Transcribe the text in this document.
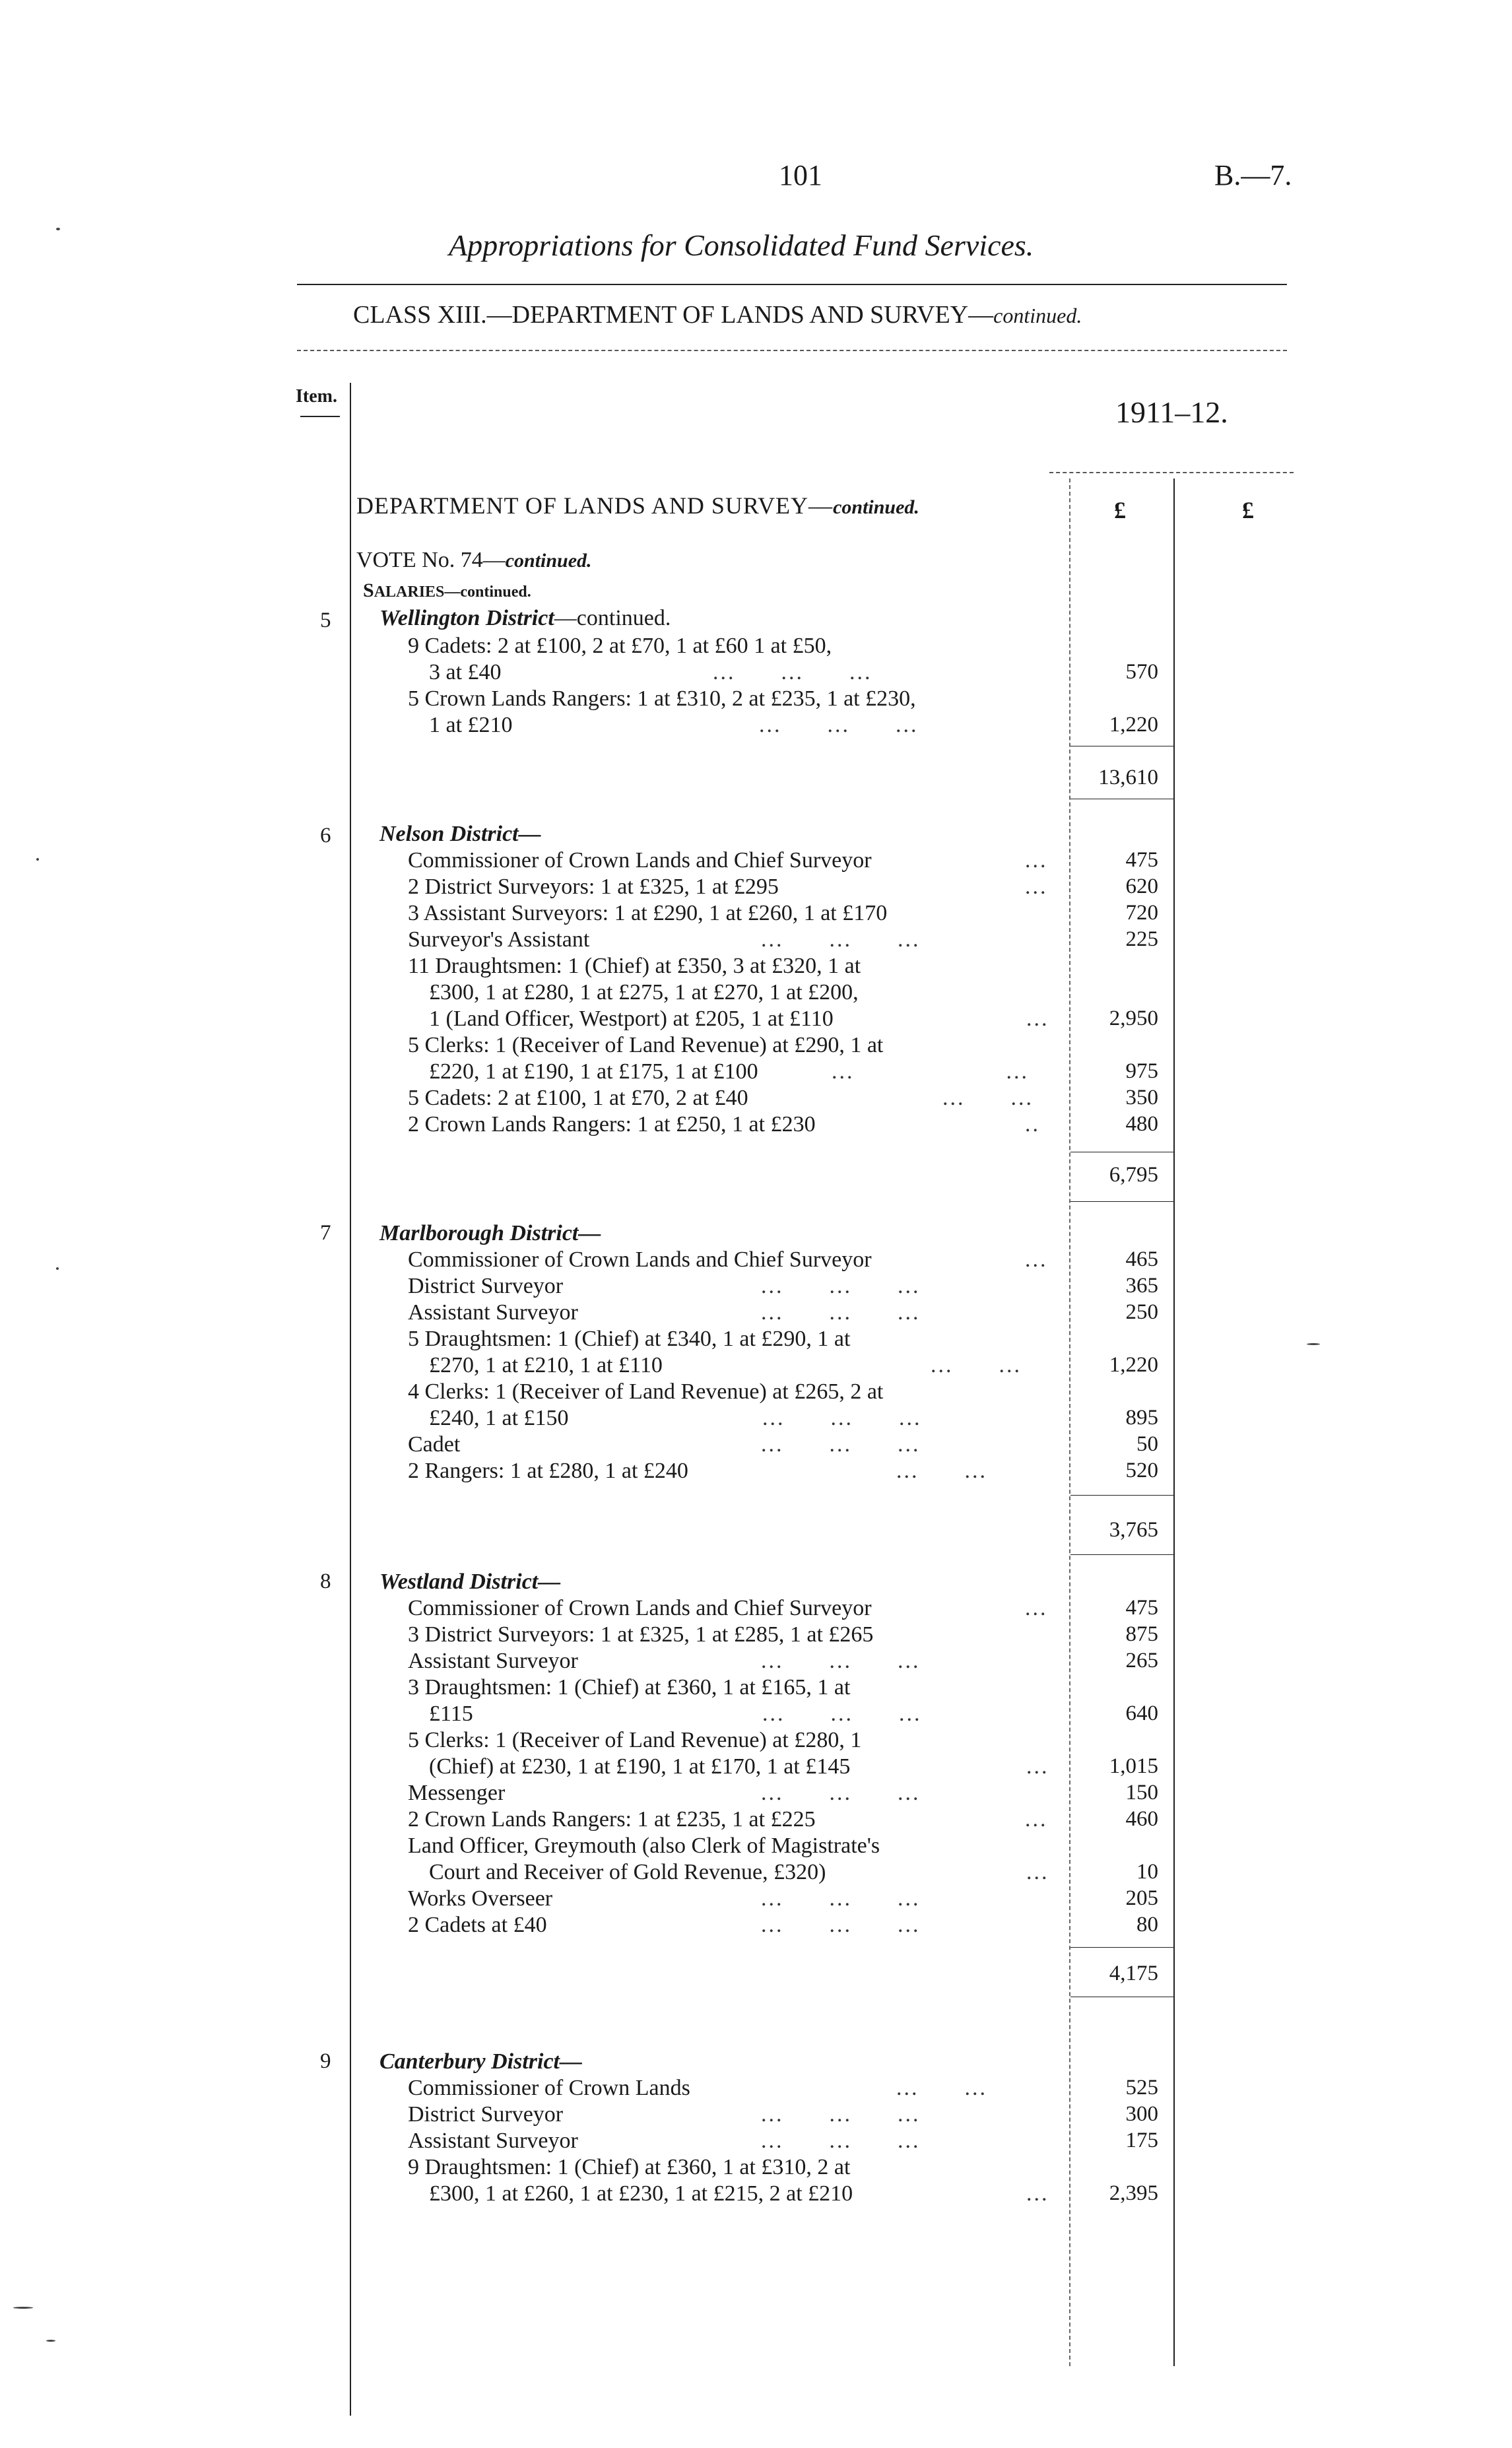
101	B.—7.
Appropriations for Consolidated Fund Services.
CLASS XIII.—DEPARTMENT OF LANDS AND SURVEY—continued.
Item.	1911–12.
DEPARTMENT OF LANDS AND SURVEY—continued.	£	£
VOTE No. 74—continued.
SALARIES—continued.
5 Wellington District—continued.
9 Cadets: 2 at £100, 2 at £70, 1 at £60 1 at £50,
3 at £40	...      ...      ...	570
5 Crown Lands Rangers: 1 at £310, 2 at £235, 1 at £230,
1 at £210	...      ...      ...	1,220
13,610
6 Nelson District—
Commissioner of Crown Lands and Chief Surveyor	...	475
2 District Surveyors: 1 at £325, 1 at £295	...	620
3 Assistant Surveyors: 1 at £290, 1 at £260, 1 at £170	720
Surveyor's Assistant	...      ...      ...	225
11 Draughtsmen: 1 (Chief) at £350, 3 at £320, 1 at
£300, 1 at £280, 1 at £275, 1 at £270, 1 at £200,
1 (Land Officer, Westport) at £205, 1 at £110	...	2,950
5 Clerks: 1 (Receiver of Land Revenue) at £290, 1 at
£220, 1 at £190, 1 at £175, 1 at £100	...                    ...	975
5 Cadets: 2 at £100, 1 at £70, 2 at £40	...      ...	350
2 Crown Lands Rangers: 1 at £250, 1 at £230	..	480
6,795
7 Marlborough District—
Commissioner of Crown Lands and Chief Surveyor	...	465
District Surveyor	...      ...      ...	365
Assistant Surveyor	...      ...      ...	250
5 Draughtsmen: 1 (Chief) at £340, 1 at £290, 1 at
£270, 1 at £210, 1 at £110	...      ...	1,220
4 Clerks: 1 (Receiver of Land Revenue) at £265, 2 at
£240, 1 at £150	...      ...      ...	895
Cadet	...      ...      ...	50
2 Rangers: 1 at £280, 1 at £240	...      ...	520
3,765
8 Westland District—
Commissioner of Crown Lands and Chief Surveyor	...	475
3 District Surveyors: 1 at £325, 1 at £285, 1 at £265	875
Assistant Surveyor	...      ...      ...	265
3 Draughtsmen: 1 (Chief) at £360, 1 at £165, 1 at
£115	...      ...      ...	640
5 Clerks: 1 (Receiver of Land Revenue) at £280, 1
(Chief) at £230, 1 at £190, 1 at £170, 1 at £145	...	1,015
Messenger	...      ...      ...	150
2 Crown Lands Rangers: 1 at £235, 1 at £225	...	460
Land Officer, Greymouth (also Clerk of Magistrate's
Court and Receiver of Gold Revenue, £320)	...	10
Works Overseer	...      ...      ...	205
2 Cadets at £40	...      ...      ...	80
4,175
9 Canterbury District—
Commissioner of Crown Lands	...      ...	525
District Surveyor	...      ...      ...	300
Assistant Surveyor	...      ...      ...	175
9 Draughtsmen: 1 (Chief) at £360, 1 at £310, 2 at
£300, 1 at £260, 1 at £230, 1 at £215, 2 at £210	...	2,395
